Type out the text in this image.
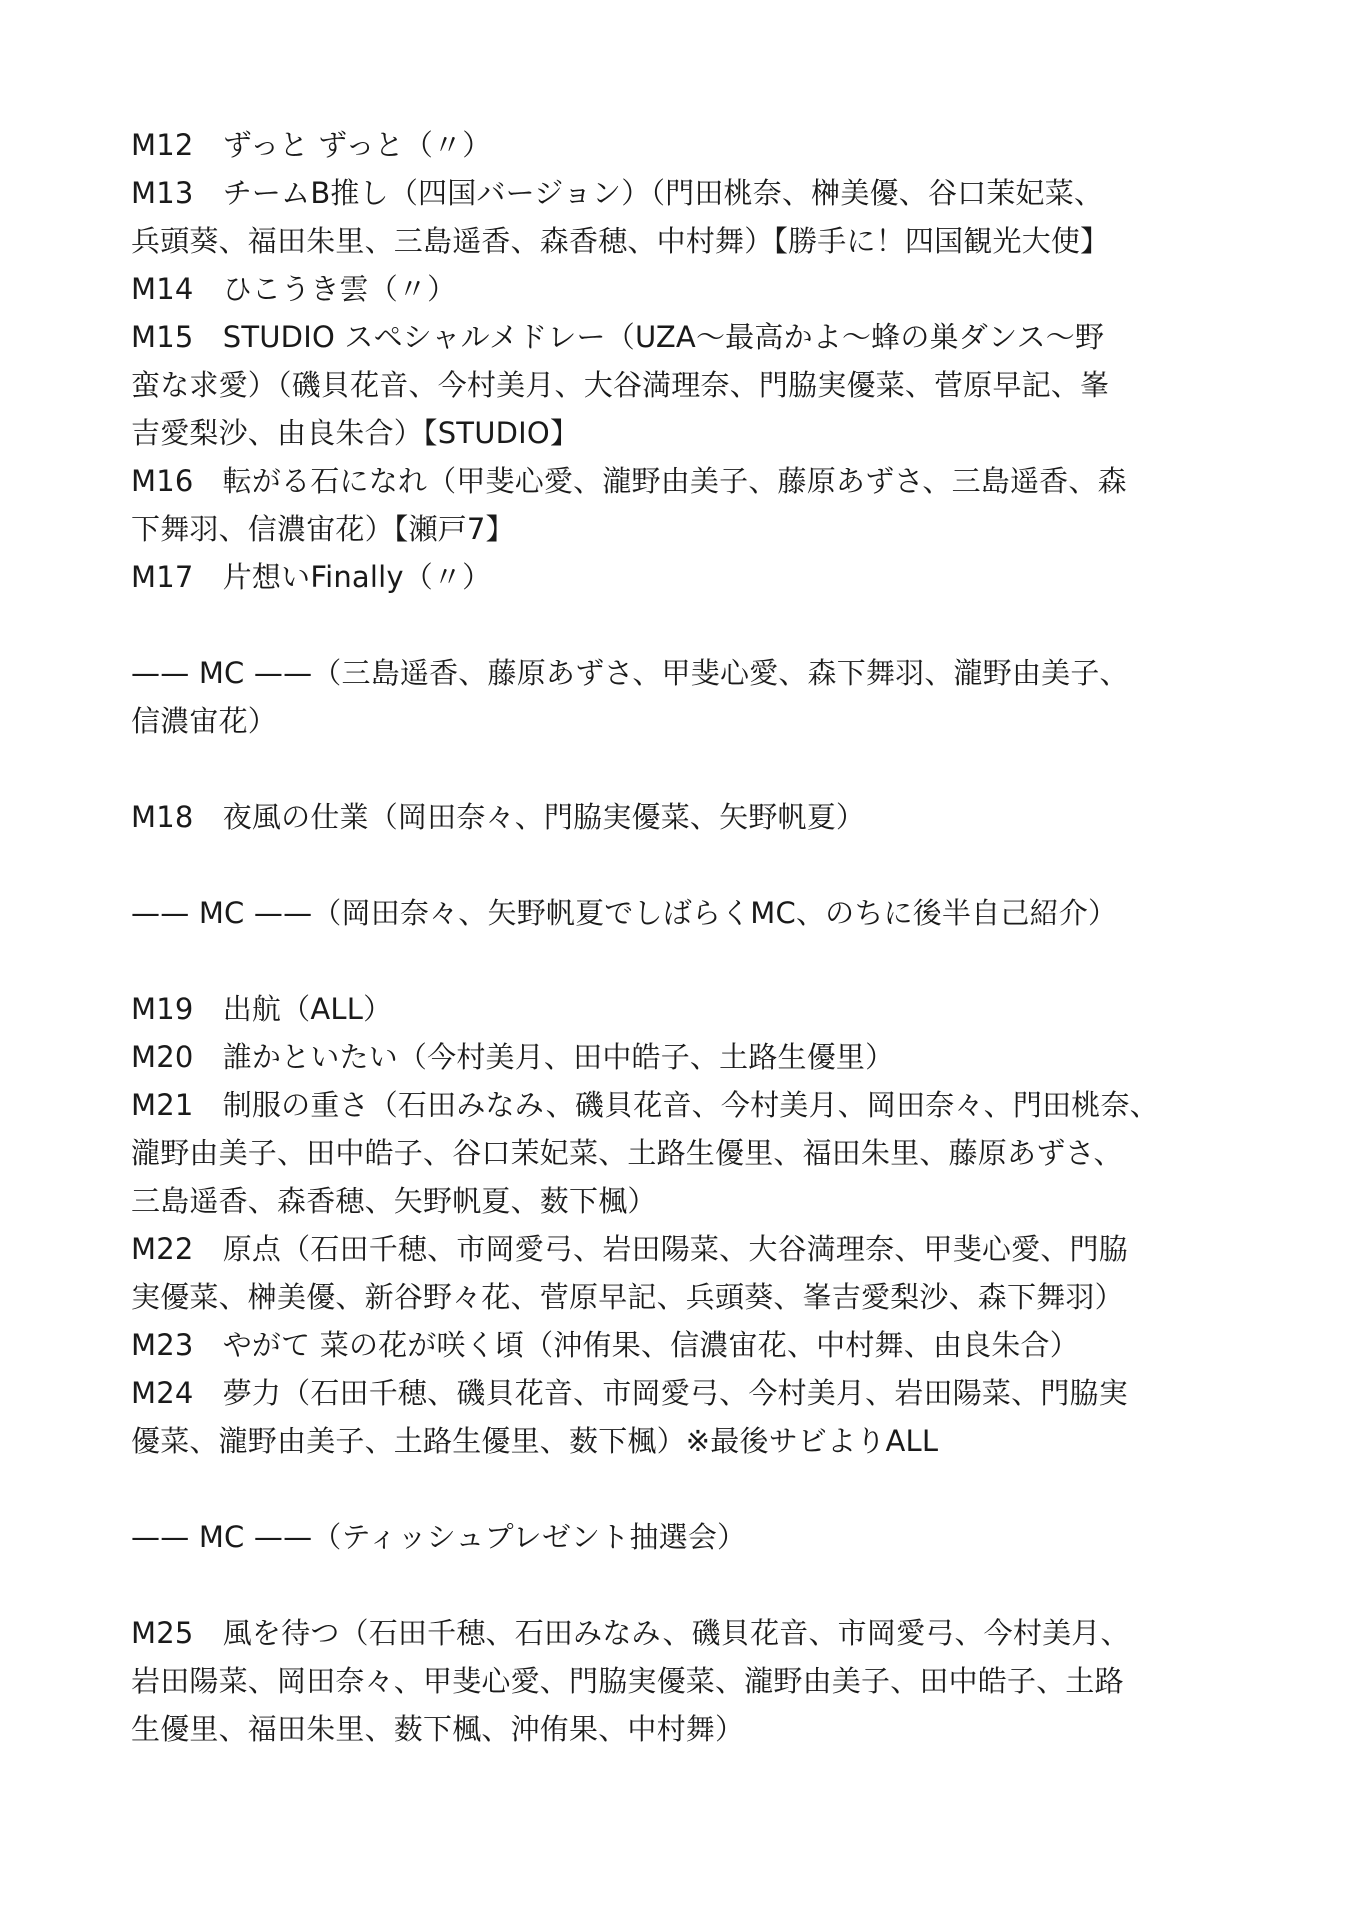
M12　ずっと ずっと（〃）
M13　チームB推し（四国バージョン）（門田桃奈、榊美優、谷口茉妃菜、
兵頭葵、福田朱里、三島遥香、森香穂、中村舞）【勝手に！四国観光大使】
M14　ひこうき雲（〃）
M15　STUDIO スペシャルメドレー（UZA～最高かよ～蜂の巣ダンス～野
蛮な求愛）（磯貝花音、今村美月、大谷満理奈、門脇実優菜、菅原早記、峯
吉愛梨沙、由良朱合）【STUDIO】
M16　転がる石になれ（甲斐心愛、瀧野由美子、藤原あずさ、三島遥香、森
下舞羽、信濃宙花）【瀬戸7】
M17　片想いFinally（〃）
—— MC ——（三島遥香、藤原あずさ、甲斐心愛、森下舞羽、瀧野由美子、
信濃宙花）
M18　夜風の仕業（岡田奈々、門脇実優菜、矢野帆夏）
—— MC ——（岡田奈々、矢野帆夏でしばらくMC、のちに後半自己紹介）
M19　出航（ALL）
M20　誰かといたい（今村美月、田中皓子、土路生優里）
M21　制服の重さ（石田みなみ、磯貝花音、今村美月、岡田奈々、門田桃奈、
瀧野由美子、田中皓子、谷口茉妃菜、土路生優里、福田朱里、藤原あずさ、
三島遥香、森香穂、矢野帆夏、薮下楓）
M22　原点（石田千穂、市岡愛弓、岩田陽菜、大谷満理奈、甲斐心愛、門脇
実優菜、榊美優、新谷野々花、菅原早記、兵頭葵、峯吉愛梨沙、森下舞羽）
M23　やがて 菜の花が咲く頃（沖侑果、信濃宙花、中村舞、由良朱合）
M24　夢力（石田千穂、磯貝花音、市岡愛弓、今村美月、岩田陽菜、門脇実
優菜、瀧野由美子、土路生優里、薮下楓）※最後サビよりALL
—— MC ——（ティッシュプレゼント抽選会）
M25　風を待つ（石田千穂、石田みなみ、磯貝花音、市岡愛弓、今村美月、
岩田陽菜、岡田奈々、甲斐心愛、門脇実優菜、瀧野由美子、田中皓子、土路
生優里、福田朱里、薮下楓、沖侑果、中村舞）
